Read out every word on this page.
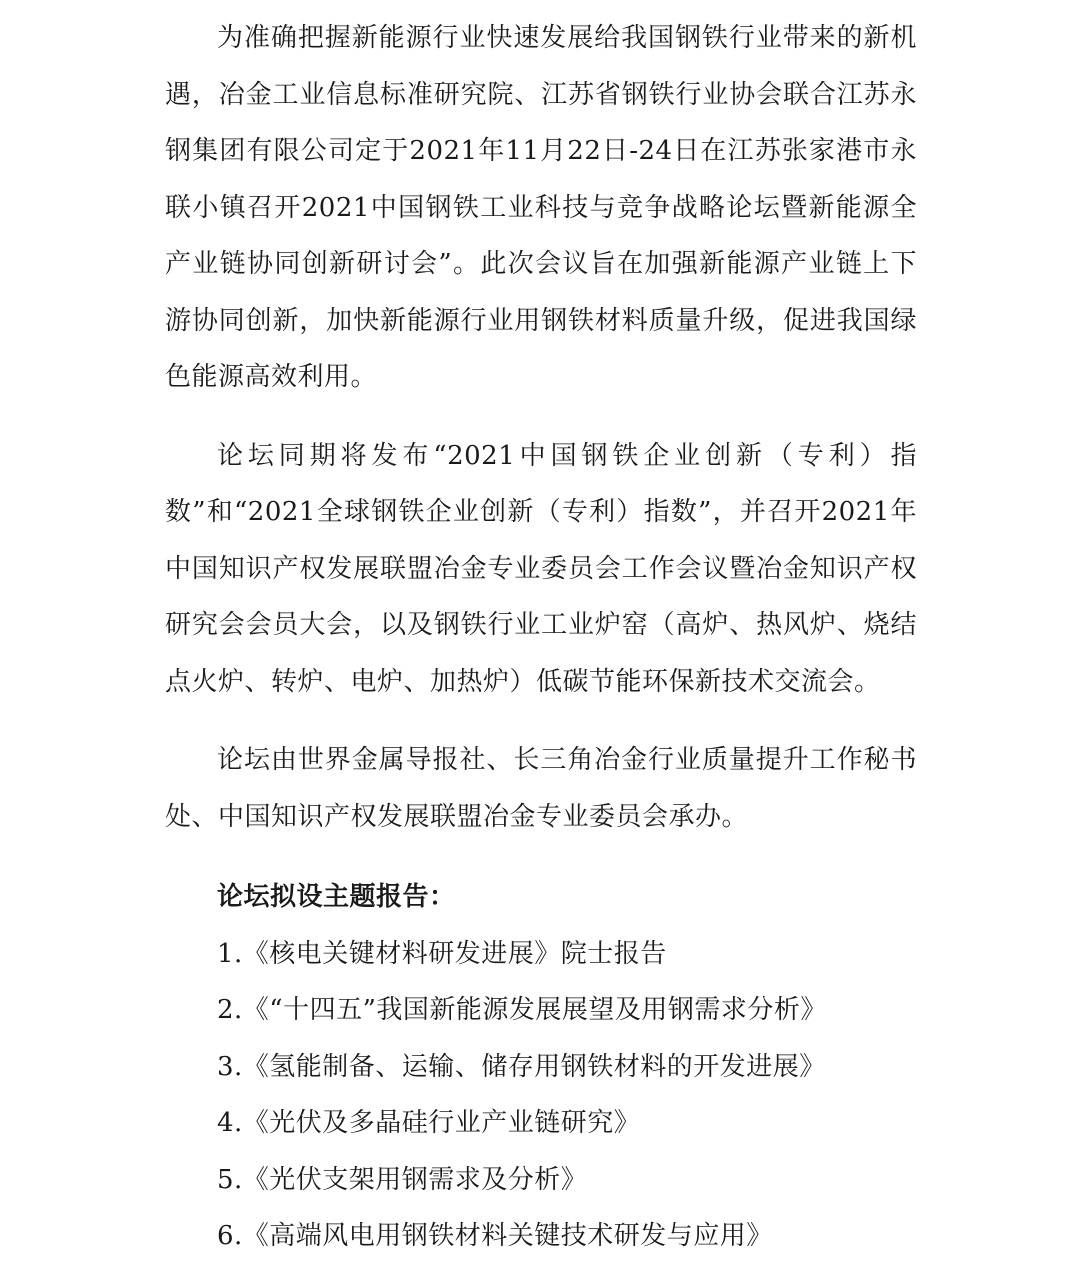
为准确把握新能源行业快速发展给我国钢铁行业带来的新机遇，冶金工业信息标准研究院、江苏省钢铁行业协会联合江苏永钢集团有限公司定于2021年11月22日-24日在江苏张家港市永联小镇召开2021中国钢铁工业科技与竞争战略论坛暨新能源全产业链协同创新研讨会”。此次会议旨在加强新能源产业链上下游协同创新，加快新能源行业用钢铁材料质量升级，促进我国绿色能源高效利用。

论坛同期将发布“2021中国钢铁企业创新（专利）指数”和“2021全球钢铁企业创新（专利）指数”，并召开2021年中国知识产权发展联盟冶金专业委员会工作会议暨冶金知识产权研究会会员大会，以及钢铁行业工业炉窑（高炉、热风炉、烧结点火炉、转炉、电炉、加热炉）低碳节能环保新技术交流会。

论坛由世界金属导报社、长三角冶金行业质量提升工作秘书处、中国知识产权发展联盟冶金专业委员会承办。

论坛拟设主题报告：
1.《核电关键材料研发进展》院士报告
2.《“十四五”我国新能源发展展望及用钢需求分析》
3.《氢能制备、运输、储存用钢铁材料的开发进展》
4.《光伏及多晶硅行业产业链研究》
5.《光伏支架用钢需求及分析》
6.《高端风电用钢铁材料关键技术研发与应用》
